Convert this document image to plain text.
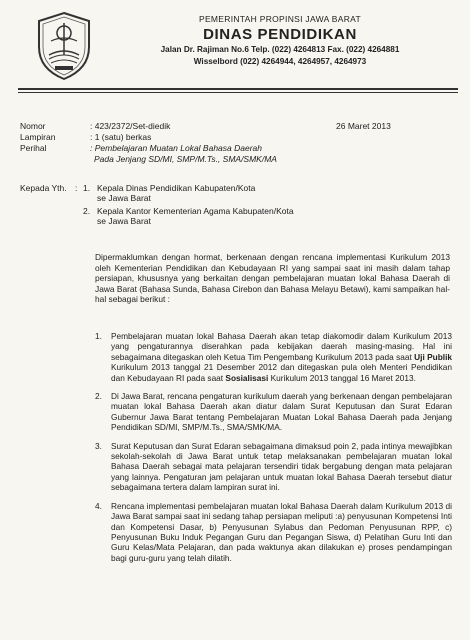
PEMERINTAH PROPINSI JAWA BARAT
DINAS PENDIDIKAN
Jalan Dr. Rajiman No.6 Telp. (022) 4264813 Fax. (022) 4264881
Wisselbord (022) 4264944, 4264957, 4264973
Nomor	: 423/2372/Set-diedik	26 Maret 2013
Lampiran	: 1 (satu) berkas
Perihal	: Pembelajaran Muatan Lokal Bahasa Daerah
Pada Jenjang SD/MI, SMP/M.Ts., SMA/SMK/MA
Kepada Yth. : 1. Kepala Dinas Pendidikan Kabupaten/Kota
se Jawa Barat
2. Kepala Kantor Kementerian Agama Kabupaten/Kota
se Jawa Barat
Dipermaklumkan dengan hormat, berkenaan dengan rencana implementasi Kurikulum 2013 oleh Kementerian Pendidikan dan Kebudayaan RI yang sampai saat ini masih dalam tahap persiapan, khususnya yang berkaitan dengan pembelajaran muatan lokal Bahasa Daerah di Jawa Barat (Bahasa Sunda, Bahasa Cirebon dan Bahasa Melayu Betawi), kami sampaikan hal-hal sebagai berikut :
1. Pembelajaran muatan lokal Bahasa Daerah akan tetap diakomodir dalam Kurikulum 2013 yang pengaturannya diserahkan pada kebijakan daerah masing-masing. Hal ini sebagaimana ditegaskan oleh Ketua Tim Pengembang Kurikulum 2013 pada saat Uji Publik Kurikulum 2013 tanggal 21 Desember 2012 dan ditegaskan pula oleh Menteri Pendidikan dan Kebudayaan RI pada saat Sosialisasi Kurikulum 2013 tanggal 16 Maret 2013.
2. Di Jawa Barat, rencana pengaturan kurikulum daerah yang berkenaan dengan pembelajaran muatan lokal Bahasa Daerah akan diatur dalam Surat Keputusan dan Surat Edaran Gubernur Jawa Barat tentang Pembelajaran Muatan Lokal Bahasa Daerah pada Jenjang Pendidikan SD/MI, SMP/M.Ts., SMA/SMK/MA.
3. Surat Keputusan dan Surat Edaran sebagaimana dimaksud poin 2, pada intinya mewajibkan sekolah-sekolah di Jawa Barat untuk tetap melaksanakan pembelajaran muatan lokal Bahasa Daerah sebagai mata pelajaran tersendiri tidak bergabung dengan mata pelajaran yang lainnya. Pengaturan jam pelajaran untuk muatan lokal Bahasa Daerah tersebut diatur sebagaimana tertera dalam lampiran surat ini.
4. Rencana implementasi pembelajaran muatan lokal Bahasa Daerah dalam Kurikulum 2013 di Jawa Barat sampai saat ini sedang tahap persiapan meliputi :a) penyusunan Kompetensi Inti dan Kompetensi Dasar, b) Penyusunan Sylabus dan Pedoman Penyusunan RPP, c) Penyusunan Buku Induk Pegangan Guru dan Pegangan Siswa, d) Pelatihan Guru Inti dan Guru Kelas/Mata Pelajaran, dan pada waktunya akan dilakukan e) proses pendampingan bagi guru-guru yang telah dilatih.
